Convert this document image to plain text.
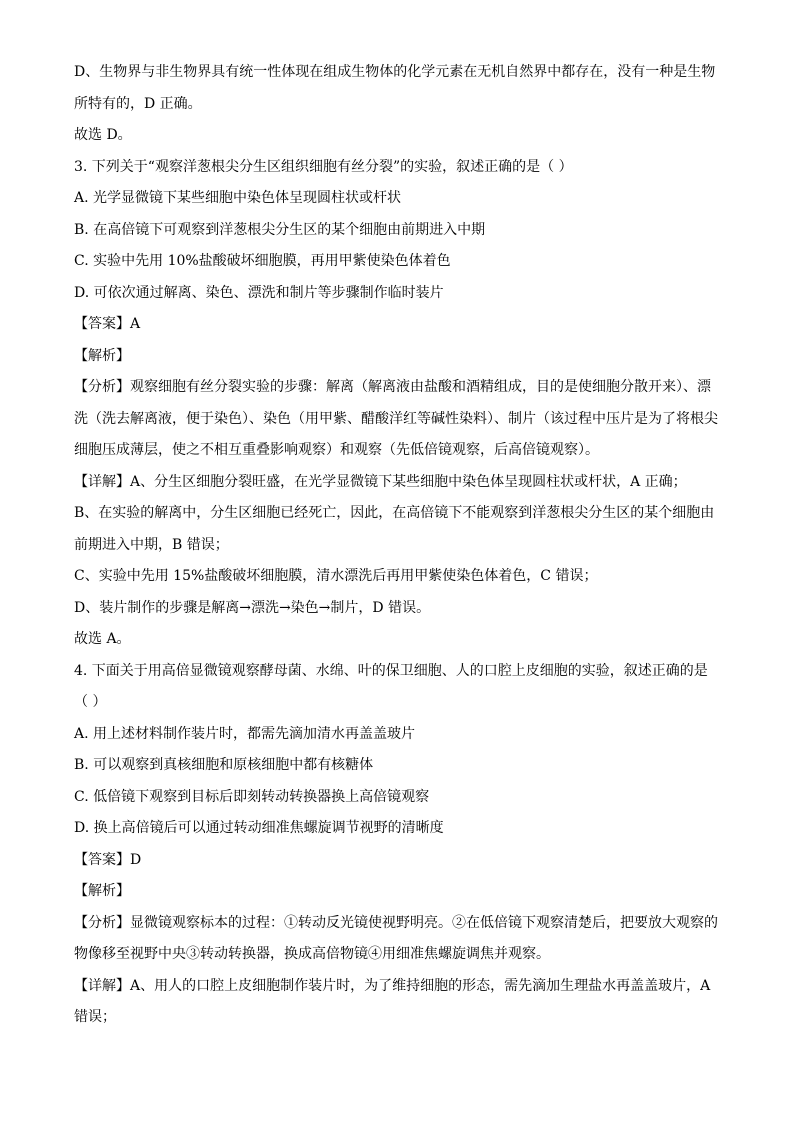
D、生物界与非生物界具有统一性体现在组成生物体的化学元素在无机自然界中都存在，没有一种是生物
所特有的，D 正确。
故选 D。
3. 下列关于“观察洋葱根尖分生区组织细胞有丝分裂”的实验，叙述正确的是（ ）
A. 光学显微镜下某些细胞中染色体呈现圆柱状或杆状
B. 在高倍镜下可观察到洋葱根尖分生区的某个细胞由前期进入中期
C. 实验中先用 10%盐酸破坏细胞膜，再用甲紫使染色体着色
D. 可依次通过解离、染色、漂洗和制片等步骤制作临时装片
【答案】A
【解析】
【分析】观察细胞有丝分裂实验的步骤：解离（解离液由盐酸和酒精组成，目的是使细胞分散开来）、漂
洗（洗去解离液，便于染色）、染色（用甲紫、醋酸洋红等碱性染料）、制片（该过程中压片是为了将根尖
细胞压成薄层，使之不相互重叠影响观察）和观察（先低倍镜观察，后高倍镜观察）。
【详解】A、分生区细胞分裂旺盛，在光学显微镜下某些细胞中染色体呈现圆柱状或杆状，A 正确；
B、在实验的解离中，分生区细胞已经死亡，因此，在高倍镜下不能观察到洋葱根尖分生区的某个细胞由
前期进入中期，B 错误；
C、实验中先用 15%盐酸破坏细胞膜，清水漂洗后再用甲紫使染色体着色，C 错误；
D、装片制作的步骤是解离→漂洗→染色→制片，D 错误。
故选 A。
4. 下面关于用高倍显微镜观察酵母菌、水绵、叶的保卫细胞、人的口腔上皮细胞的实验，叙述正确的是
（ ）
A. 用上述材料制作装片时，都需先滴加清水再盖盖玻片
B. 可以观察到真核细胞和原核细胞中都有核糖体
C. 低倍镜下观察到目标后即刻转动转换器换上高倍镜观察
D. 换上高倍镜后可以通过转动细准焦螺旋调节视野的清晰度
【答案】D
【解析】
【分析】显微镜观察标本的过程：①转动反光镜使视野明亮。②在低倍镜下观察清楚后，把要放大观察的
物像移至视野中央③转动转换器，换成高倍物镜④用细准焦螺旋调焦并观察。
【详解】A、用人的口腔上皮细胞制作装片时，为了维持细胞的形态，需先滴加生理盐水再盖盖玻片，A
错误；
